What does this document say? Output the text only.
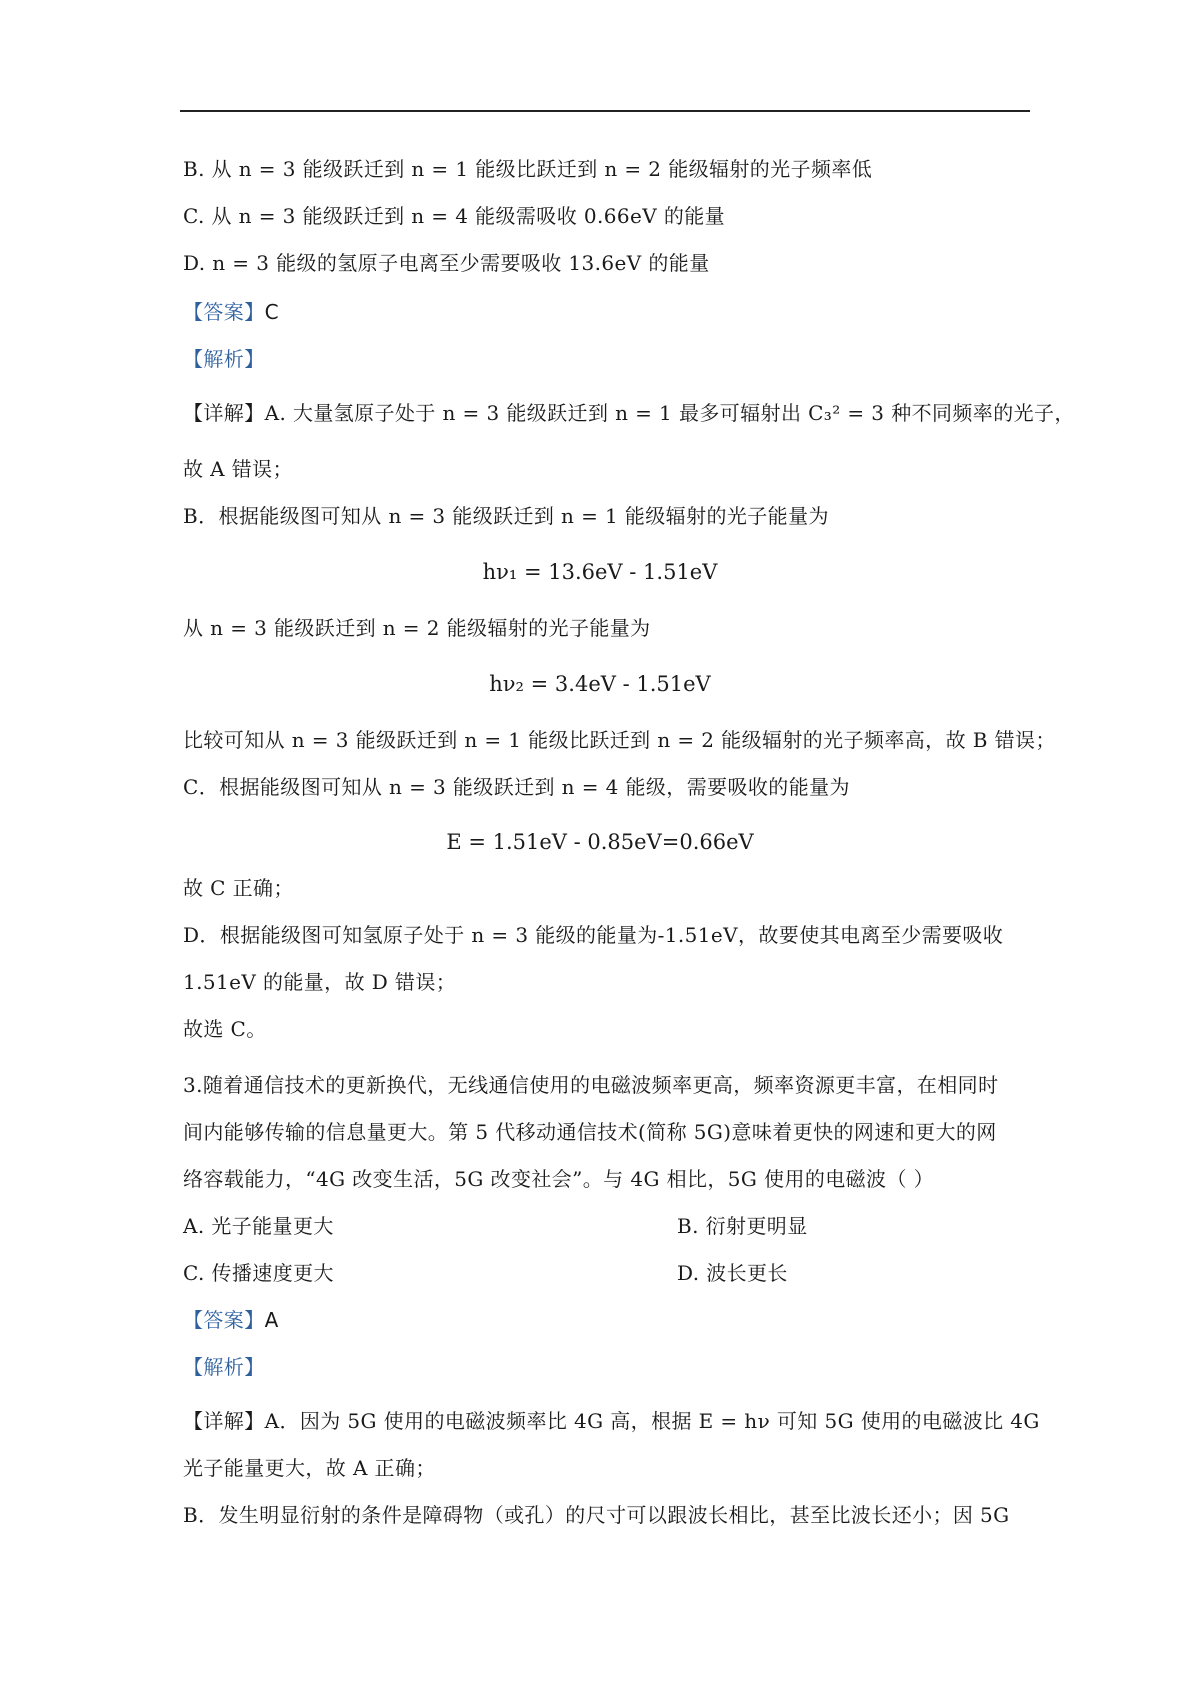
B. 从 n = 3 能级跃迁到 n = 1 能级比跃迁到 n = 2 能级辐射的光子频率低
C. 从 n = 3 能级跃迁到 n = 4 能级需吸收 0.66eV 的能量
D. n = 3 能级的氢原子电离至少需要吸收 13.6eV 的能量
【答案】C
【解析】
【详解】A. 大量氢原子处于 n = 3 能级跃迁到 n = 1 最多可辐射出 C₃² = 3 种不同频率的光子，
故 A 错误；
B．根据能级图可知从 n = 3 能级跃迁到 n = 1 能级辐射的光子能量为
hν₁ = 13.6eV - 1.51eV
从 n = 3 能级跃迁到 n = 2 能级辐射的光子能量为
hν₂ = 3.4eV - 1.51eV
比较可知从 n = 3 能级跃迁到 n = 1 能级比跃迁到 n = 2 能级辐射的光子频率高，故 B 错误；
C．根据能级图可知从 n = 3 能级跃迁到 n = 4 能级，需要吸收的能量为
E = 1.51eV - 0.85eV=0.66eV
故 C 正确；
D．根据能级图可知氢原子处于 n = 3 能级的能量为-1.51eV，故要使其电离至少需要吸收
1.51eV 的能量，故 D 错误；
故选 C。
3.随着通信技术的更新换代，无线通信使用的电磁波频率更高，频率资源更丰富，在相同时
间内能够传输的信息量更大。第 5 代移动通信技术(简称 5G)意味着更快的网速和更大的网
络容载能力，“4G 改变生活，5G 改变社会”。与 4G 相比，5G 使用的电磁波（ ）
A. 光子能量更大	B. 衍射更明显
C. 传播速度更大	D. 波长更长
【答案】A
【解析】
【详解】A．因为 5G 使用的电磁波频率比 4G 高，根据 E = hν 可知 5G 使用的电磁波比 4G
光子能量更大，故 A 正确；
B．发生明显衍射的条件是障碍物（或孔）的尺寸可以跟波长相比，甚至比波长还小；因 5G
